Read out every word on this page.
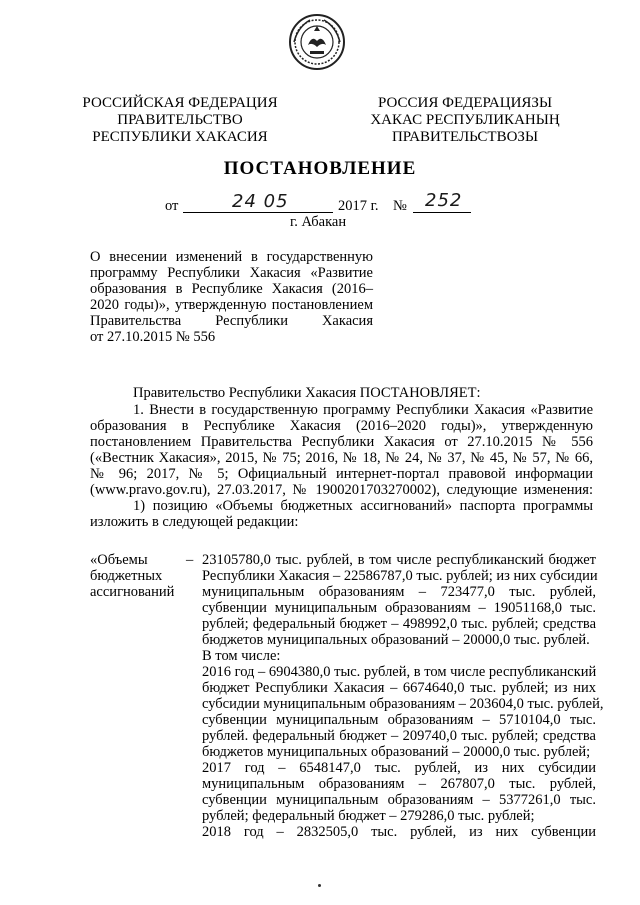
РОССИЙСКАЯ ФЕДЕРАЦИЯ
ПРАВИТЕЛЬСТВО
РЕСПУБЛИКИ ХАКАСИЯ
РОССИЯ ФЕДЕРАЦИЯЗЫ
ХАКАС РЕСПУБЛИКАНЫҢ
ПРАВИТЕЛЬСТВОЗЫ
ПОСТАНОВЛЕНИЕ
от	24 05	2017 г. № 252
г. Абакан
О внесении изменений в государственную
программу Республики Хакасия «Развитие
образования в Республике Хакасия (2016–
2020 годы)», утвержденную постановлением
Правительства Республики Хакасия
от 27.10.2015 № 556
Правительство Республики Хакасия ПОСТАНОВЛЯЕТ:
1. Внести в государственную программу Республики Хакасия «Развитие
образования в Республике Хакасия (2016–2020 годы)», утвержденную
постановлением Правительства Республики Хакасия от 27.10.2015 № 556
(«Вестник Хакасия», 2015, № 75; 2016, № 18, № 24, № 37, № 45, № 57, № 66,
№ 96; 2017, № 5; Официальный интернет-портал правовой информации
(www.pravo.gov.ru), 27.03.2017, № 1900201703270002), следующие изменения:
1) позицию «Объемы бюджетных ассигнований» паспорта программы
изложить в следующей редакции:
«Объемы
бюджетных
ассигнований
– 23105780,0 тыс. рублей, в том числе республиканский бюджет
Республики Хакасия – 22586787,0 тыс. рублей; из них субсидии
муниципальным образованиям – 723477,0 тыс. рублей,
субвенции муниципальным образованиям – 19051168,0 тыс.
рублей; федеральный бюджет – 498992,0 тыс. рублей; средства
бюджетов муниципальных образований – 20000,0 тыс. рублей.
В том числе:
2016 год – 6904380,0 тыс. рублей, в том числе республиканский
бюджет Республики Хакасия – 6674640,0 тыс. рублей; из них
субсидии муниципальным образованиям – 203604,0 тыс. рублей,
субвенции муниципальным образованиям – 5710104,0 тыс.
рублей. федеральный бюджет – 209740,0 тыс. рублей; средства
бюджетов муниципальных образований – 20000,0 тыс. рублей;
2017 год – 6548147,0 тыс. рублей, из них субсидии
муниципальным образованиям – 267807,0 тыс. рублей,
субвенции муниципальным образованиям – 5377261,0 тыс.
рублей; федеральный бюджет – 279286,0 тыс. рублей;
2018 год – 2832505,0 тыс. рублей, из них субвенции
